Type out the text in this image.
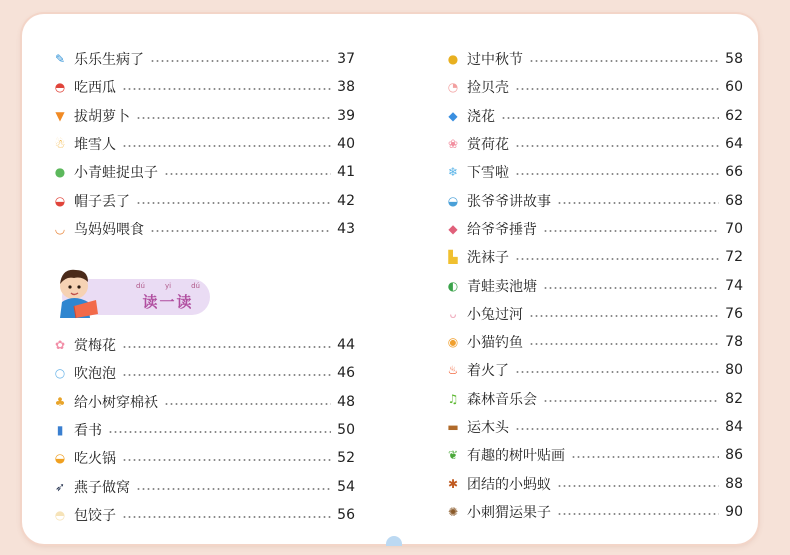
✎ 乐乐生病了	37
◓ 吃西瓜	38
▼ 拔胡萝卜	39
☃ 堆雪人	40
● 小青蛙捉虫子	41
◒ 帽子丢了	42
◡ 鸟妈妈喂食	43
dú	yi	dú
读一读
✿ 赏梅花	44
○ 吹泡泡	46
♣ 给小树穿棉袄	48
▮ 看书	50
◒ 吃火锅	52
➶ 燕子做窝	54
◓ 包饺子	56
● 过中秋节	58
◔ 捡贝壳	60
◆ 浇花	62
❀ 赏荷花	64
❄ 下雪啦	66
◒ 张爷爷讲故事	68
◆ 给爷爷捶背	70
▙ 洗袜子	72
◐ 青蛙卖池塘	74
ᴗ 小兔过河	76
◉ 小猫钓鱼	78
♨ 着火了	80
♫ 森林音乐会	82
▬ 运木头	84
❦ 有趣的树叶贴画	86
✱ 团结的小蚂蚁	88
✺ 小刺猬运果子	90
